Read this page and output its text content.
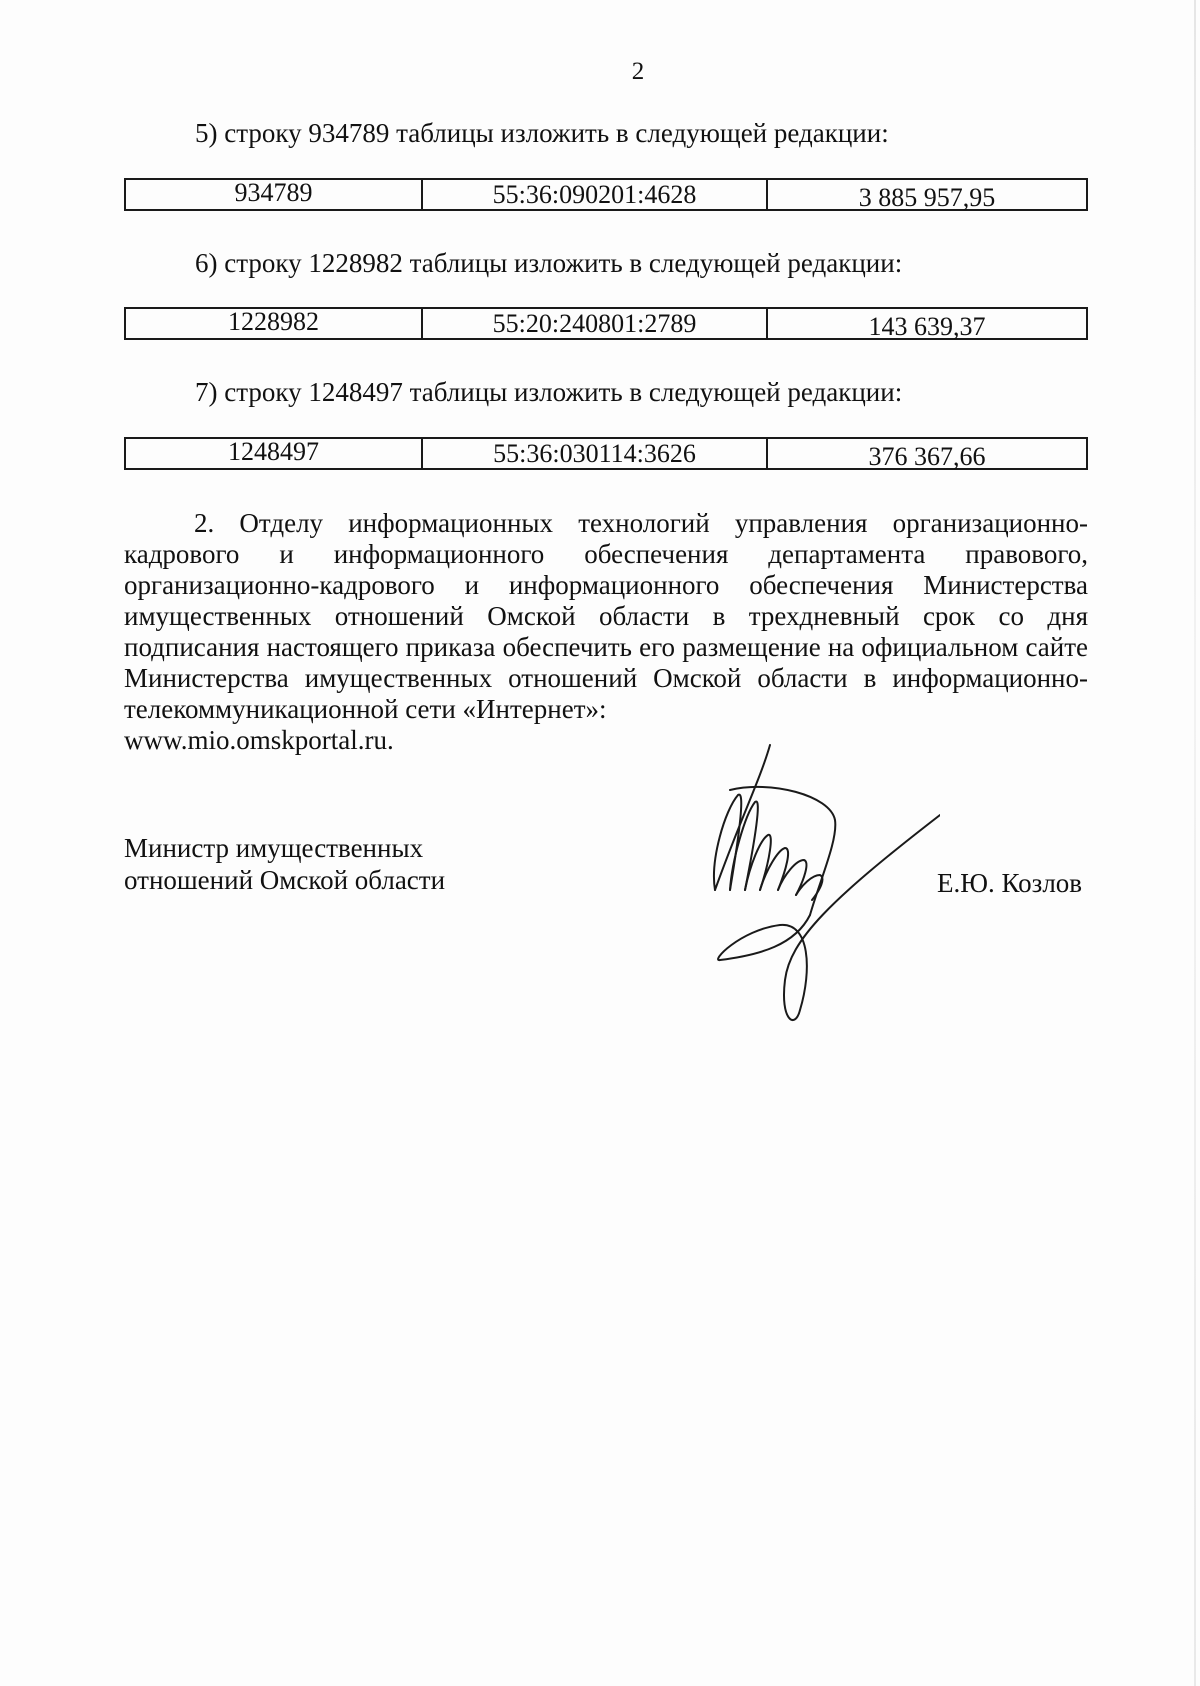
2
5) строку 934789 таблицы изложить в следующей редакции:
934789	55:36:090201:4628	3 885 957,95
6) строку 1228982 таблицы изложить в следующей редакции:
1228982	55:20:240801:2789	143 639,37
7) строку 1248497 таблицы изложить в следующей редакции:
1248497	55:36:030114:3626	376 367,66
2. Отделу информационных технологий управления организационно-кадрового и информационного обеспечения департамента правового, организационно-кадрового и информационного обеспечения Министерства имущественных отношений Омской области в трехдневный срок со дня подписания настоящего приказа обеспечить его размещение на официальном сайте Министерства имущественных отношений Омской области в информационно-телекоммуникационной сети «Интернет»:
www.mio.omskportal.ru.
Министр имущественных
отношений Омской области	Е.Ю. Козлов
